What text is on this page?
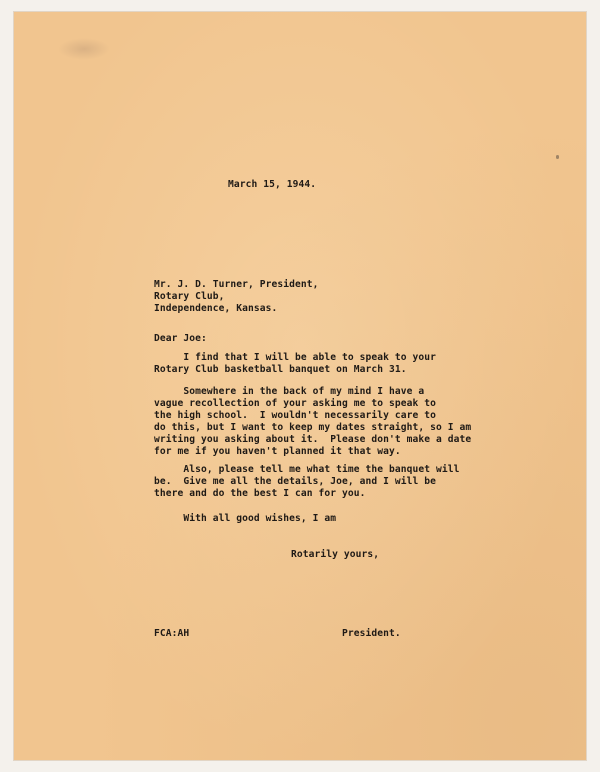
March 15, 1944.
Mr. J. D. Turner, President,
Rotary Club,
Independence, Kansas.
Dear Joe:
I find that I will be able to speak to your
Rotary Club basketball banquet on March 31.
Somewhere in the back of my mind I have a
vague recollection of your asking me to speak to
the high school.  I wouldn't necessarily care to
do this, but I want to keep my dates straight, so I am
writing you asking about it.  Please don't make a date
for me if you haven't planned it that way.
Also, please tell me what time the banquet will
be.  Give me all the details, Joe, and I will be
there and do the best I can for you.
With all good wishes, I am
Rotarily yours,
FCA:AH	President.
